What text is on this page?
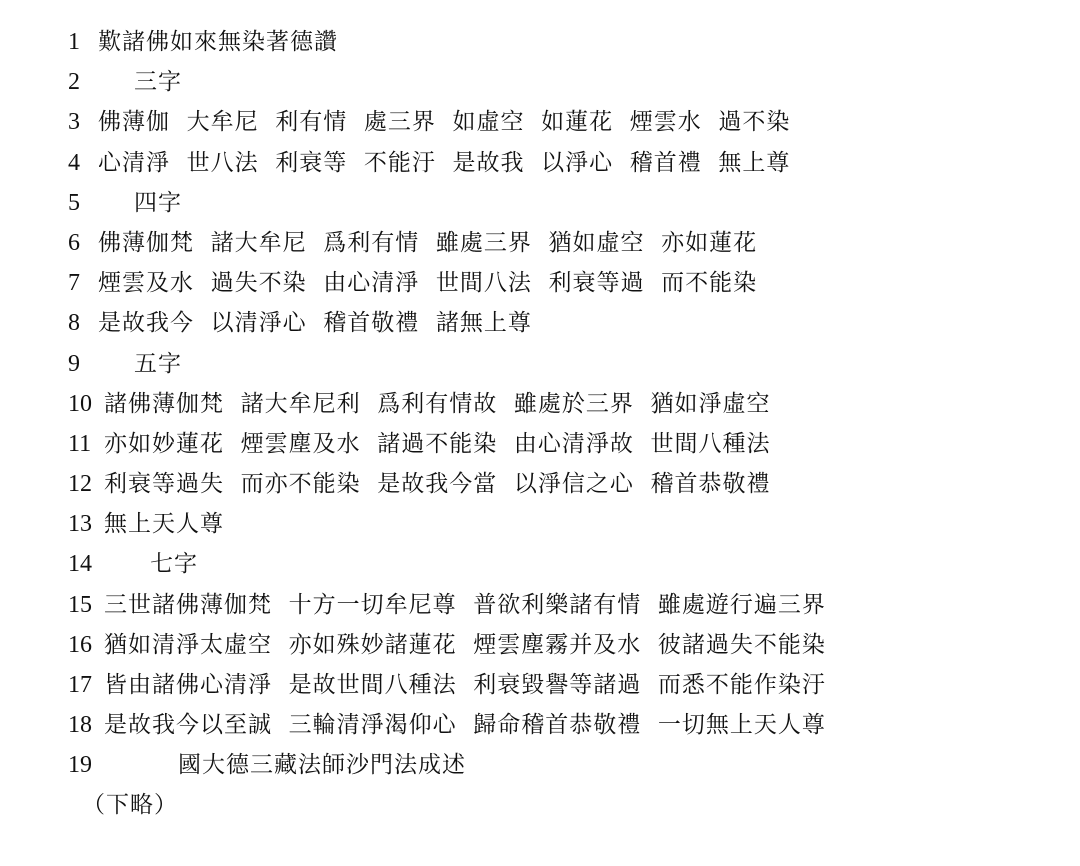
1 歎諸佛如來無染著德讚
2 三字
3 佛薄伽  大牟尼  利有情  處三界  如虛空  如蓮花  煙雲水  過不染
4 心清淨  世八法  利衰等  不能汙  是故我  以淨心  稽首禮  無上尊
5 四字
6 佛薄伽梵  諸大牟尼  爲利有情  雖處三界  猶如虛空  亦如蓮花
7 煙雲及水  過失不染  由心清淨  世間八法  利衰等過  而不能染
8 是故我今  以清淨心  稽首敬禮  諸無上尊
9 五字
10 諸佛薄伽梵  諸大牟尼利  爲利有情故  雖處於三界  猶如淨虛空
11 亦如妙蓮花  煙雲塵及水  諸過不能染  由心清淨故  世間八種法
12 利衰等過失  而亦不能染  是故我今當  以淨信之心  稽首恭敬禮
13 無上天人尊
14	七字
15 三世諸佛薄伽梵  十方一切牟尼尊  普欲利樂諸有情  雖處遊行遍三界
16 猶如清淨太虛空  亦如殊妙諸蓮花  煙雲塵霧并及水  彼諸過失不能染
17 皆由諸佛心清淨  是故世間八種法  利衰毀譽等諸過  而悉不能作染汙
18 是故我今以至誠  三輪清淨渴仰心  歸命稽首恭敬禮  一切無上天人尊
19	國大德三藏法師沙門法成述
（下略）
